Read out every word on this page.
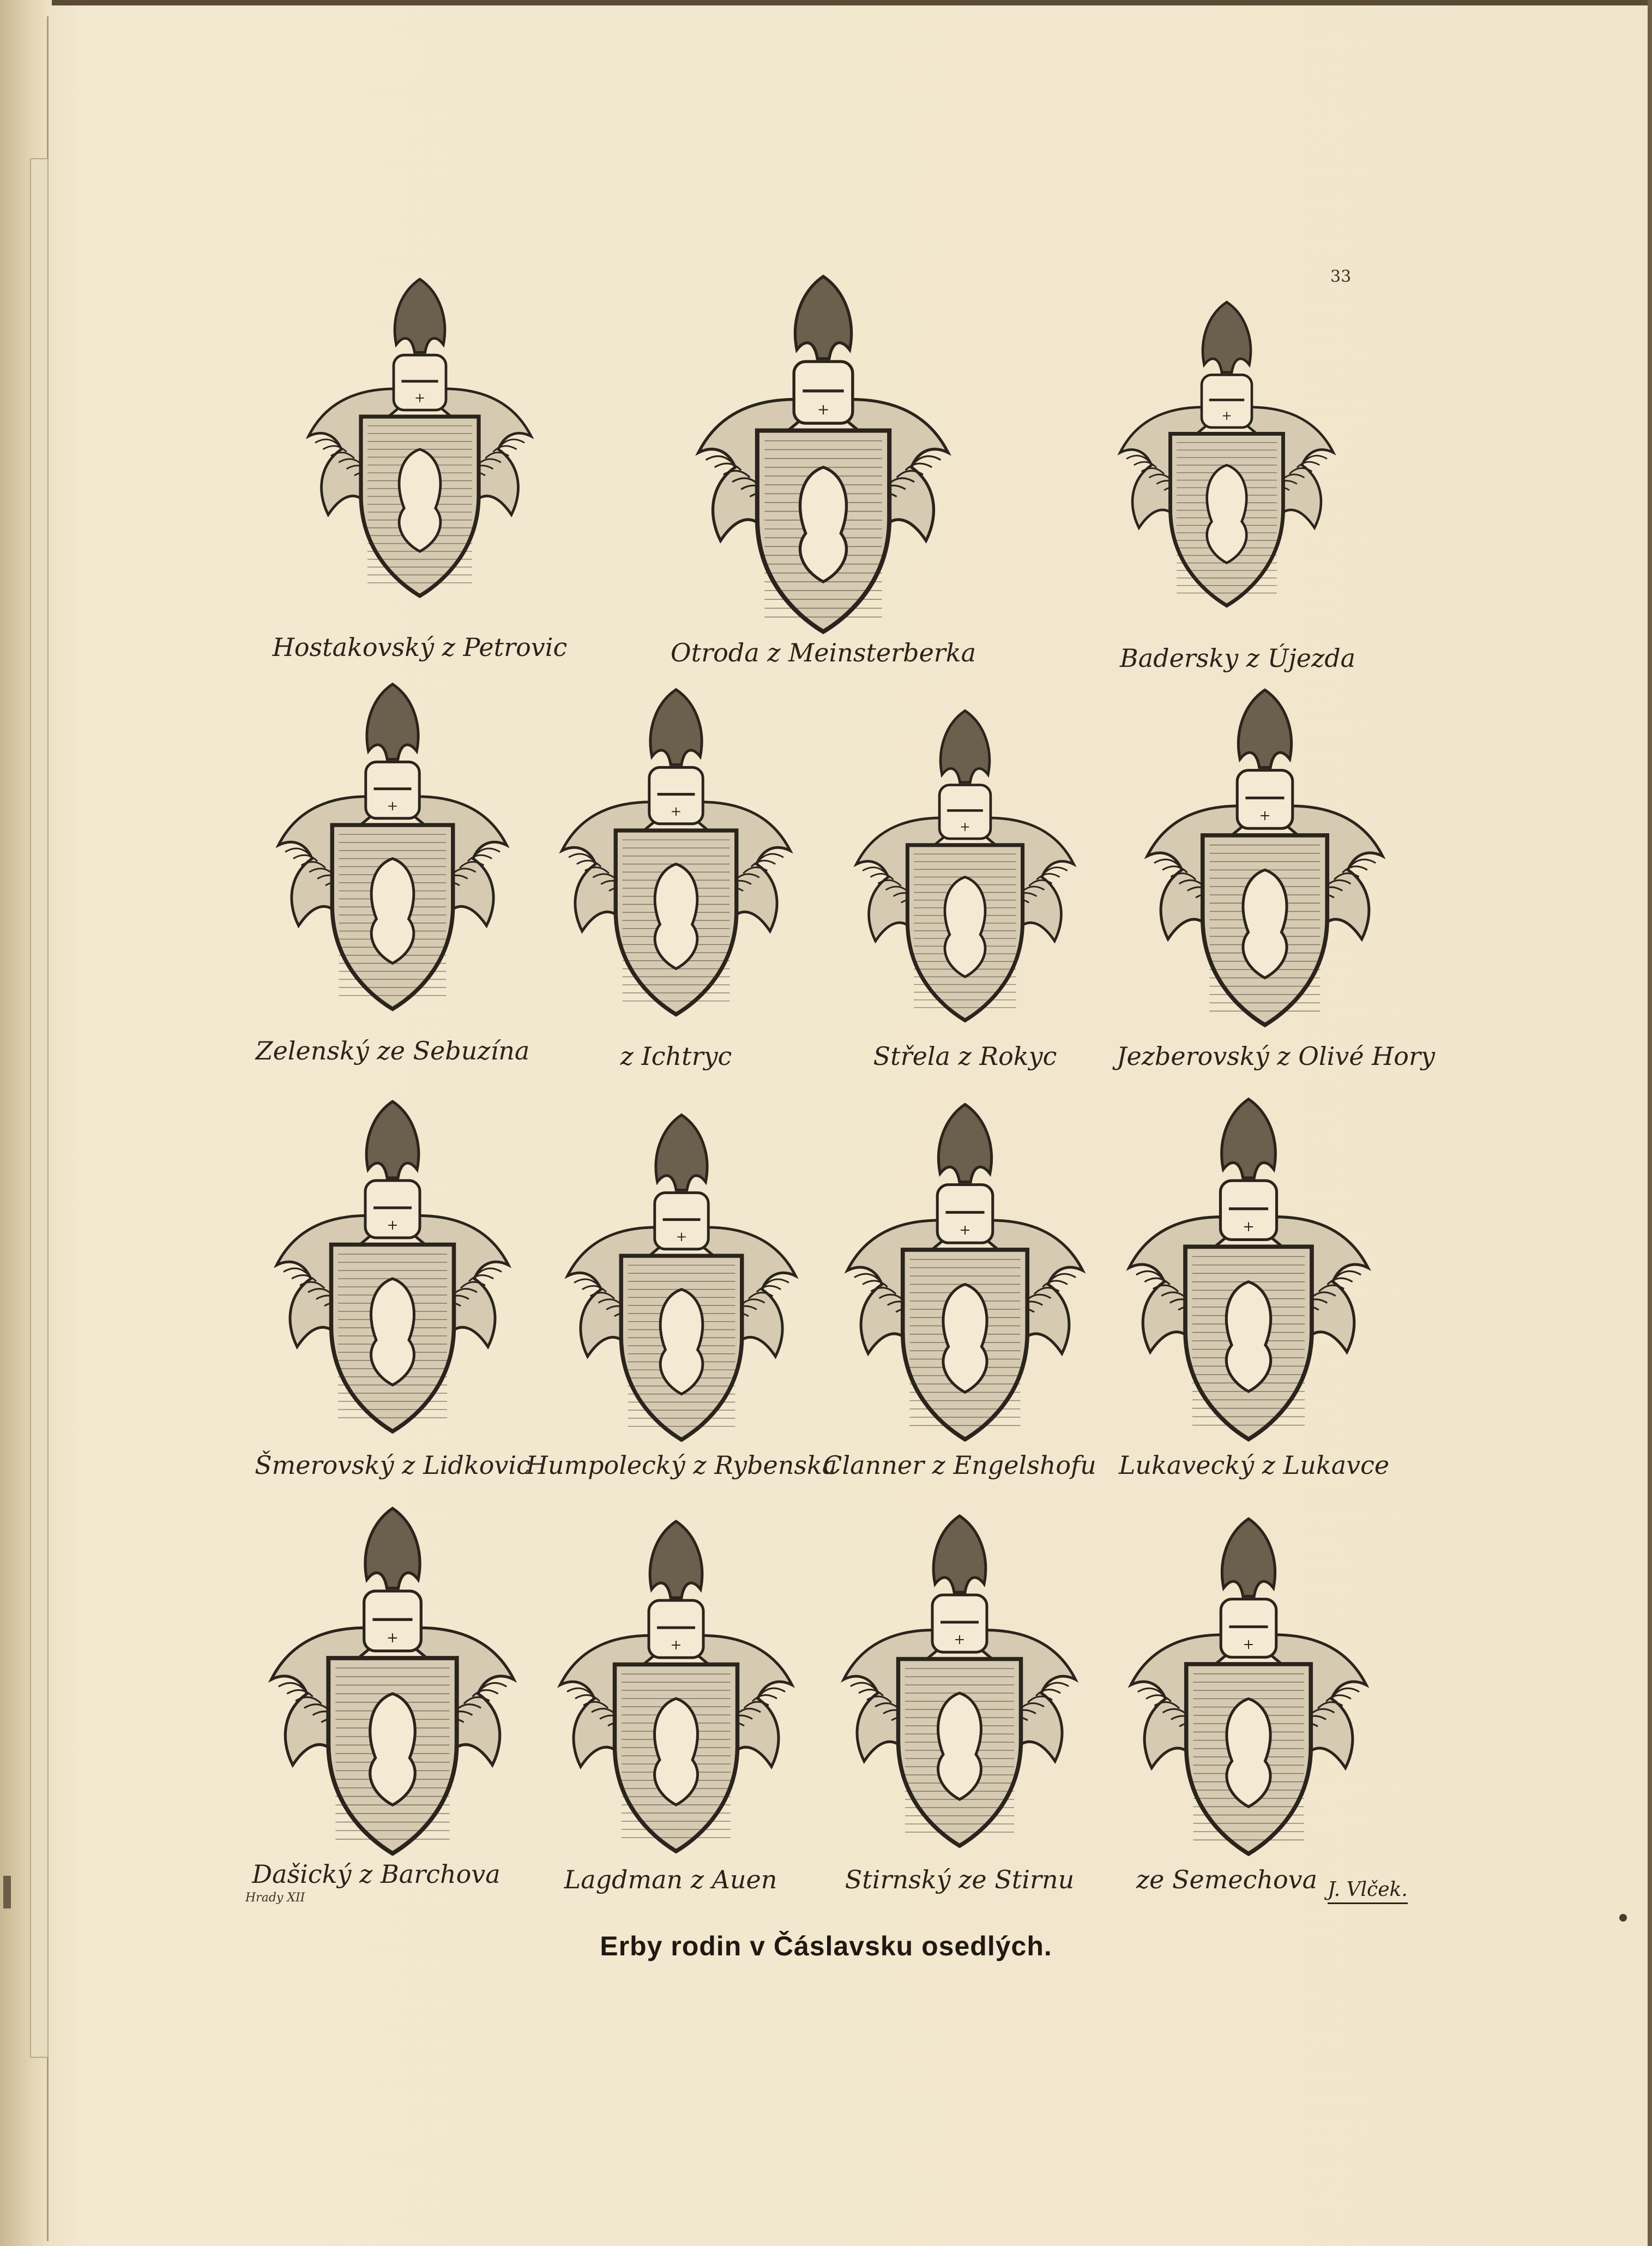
33
+
Hostakovský z Petrovic
+
Otroda z Meinsterberka
+
Badersky z Újezda
+
Zelenský ze Sebuzína
+
z Ichtryc
+
Střela z Rokyc
+
Jezberovský z Olivé Hory
+
Šmerovský z Lidkovic
+
Humpolecký z Rybenska
+
Clanner z Engelshofu
+
Lukavecký z Lukavce
+
Dašický z Barchova
+
Lagdman z Auen
+
Stirnský ze Stirnu
+
ze Semechova
Hrady XII	J. Vlček.
Erby rodin v Čáslavsku osedlých.
